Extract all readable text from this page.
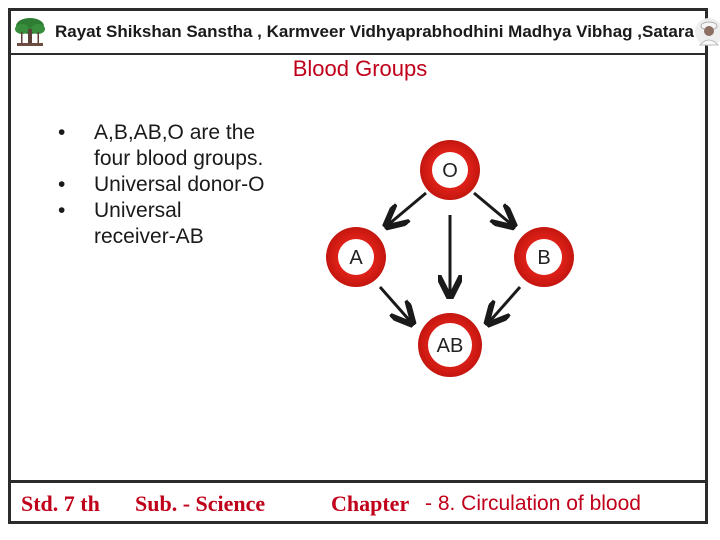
Rayat Shikshan Sanstha , Karmveer Vidhyaprabhodhini Madhya Vibhag ,Satara
Blood Groups
• A,B,AB,O are the four blood groups.
• Universal donor-O
• Universal receiver-AB
O
A	B
AB
Std. 7 th Sub. - Science	Chapter - 8. Circulation of blood
